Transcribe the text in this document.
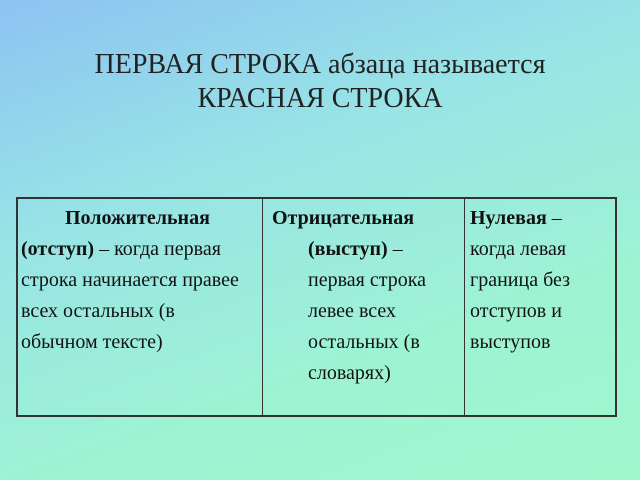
ПЕРВАЯ СТРОКА абзаца называется
КРАСНАЯ СТРОКА
Положительная (отступ) – когда первая строка начинается правее всех остальных (в обычном тексте)
Отрицательная (выступ) – первая строка левее всех остальных (в словарях)
Нулевая – когда левая граница без отступов и выступов
